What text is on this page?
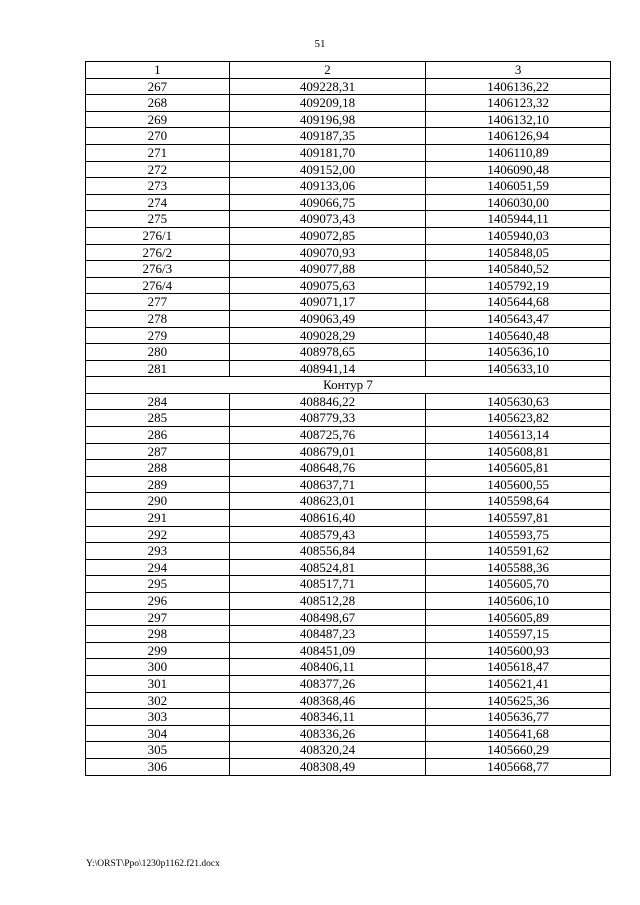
51
1	2	3
267	409228,31	1406136,22
268	409209,18	1406123,32
269	409196,98	1406132,10
270	409187,35	1406126,94
271	409181,70	1406110,89
272	409152,00	1406090,48
273	409133,06	1406051,59
274	409066,75	1406030,00
275	409073,43	1405944,11
276/1	409072,85	1405940,03
276/2	409070,93	1405848,05
276/3	409077,88	1405840,52
276/4	409075,63	1405792,19
277	409071,17	1405644,68
278	409063,49	1405643,47
279	409028,29	1405640,48
280	408978,65	1405636,10
281	408941,14	1405633,10
Контур 7		
284	408846,22	1405630,63
285	408779,33	1405623,82
286	408725,76	1405613,14
287	408679,01	1405608,81
288	408648,76	1405605,81
289	408637,71	1405600,55
290	408623,01	1405598,64
291	408616,40	1405597,81
292	408579,43	1405593,75
293	408556,84	1405591,62
294	408524,81	1405588,36
295	408517,71	1405605,70
296	408512,28	1405606,10
297	408498,67	1405605,89
298	408487,23	1405597,15
299	408451,09	1405600,93
300	408406,11	1405618,47
301	408377,26	1405621,41
302	408368,46	1405625,36
303	408346,11	1405636,77
304	408336,26	1405641,68
305	408320,24	1405660,29
306	408308,49	1405668,77
Y:\ORST\Ppo\1230p1162.f21.docx
